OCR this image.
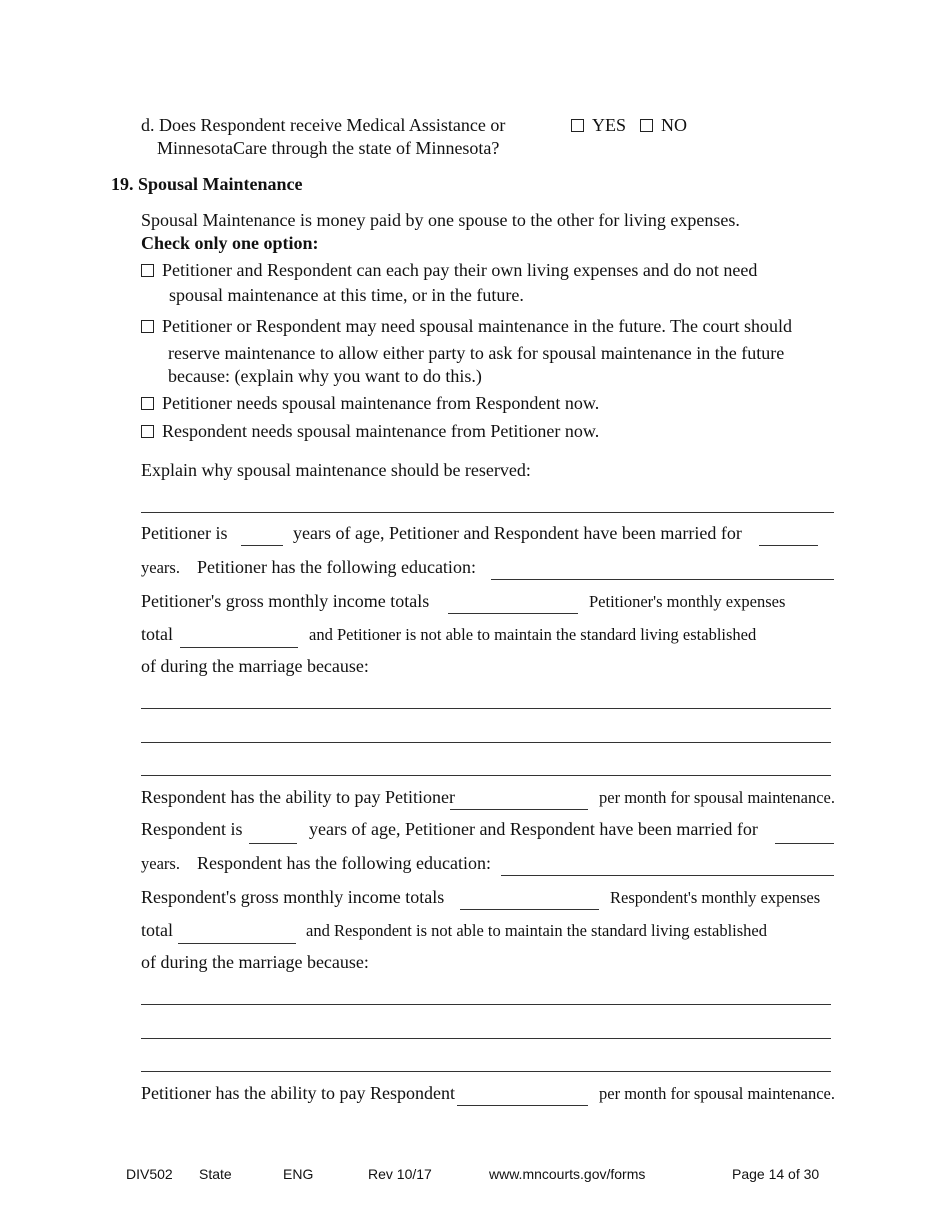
d. Does Respondent receive Medical Assistance or
MinnesotaCare through the state of Minnesota?
YES NO
19. Spousal Maintenance
Spousal Maintenance is money paid by one spouse to the other for living expenses.
Check only one option:
Petitioner and Respondent can each pay their own living expenses and do not need
spousal maintenance at this time, or in the future.
Petitioner or Respondent may need spousal maintenance in the future. The court should
reserve maintenance to allow either party to ask for spousal maintenance in the future
because: (explain why you want to do this.)
Petitioner needs spousal maintenance from Respondent now.
Respondent needs spousal maintenance from Petitioner now.
Explain why spousal maintenance should be reserved:
Petitioner is	years of age, Petitioner and Respondent have been married for
years. Petitioner has the following education:
Petitioner's gross monthly income totals	Petitioner's monthly expenses
total	and Petitioner is not able to maintain the standard living established
of during the marriage because:
Respondent has the ability to pay Petitioner	per month for spousal maintenance.
Respondent is	years of age, Petitioner and Respondent have been married for
years. Respondent has the following education:
Respondent's gross monthly income totals	Respondent's monthly expenses
total	and Respondent is not able to maintain the standard living established
of during the marriage because:
Petitioner has the ability to pay Respondent	per month for spousal maintenance.
DIV502 State	ENG	Rev 10/17	www.mncourts.gov/forms	Page 14 of 30
